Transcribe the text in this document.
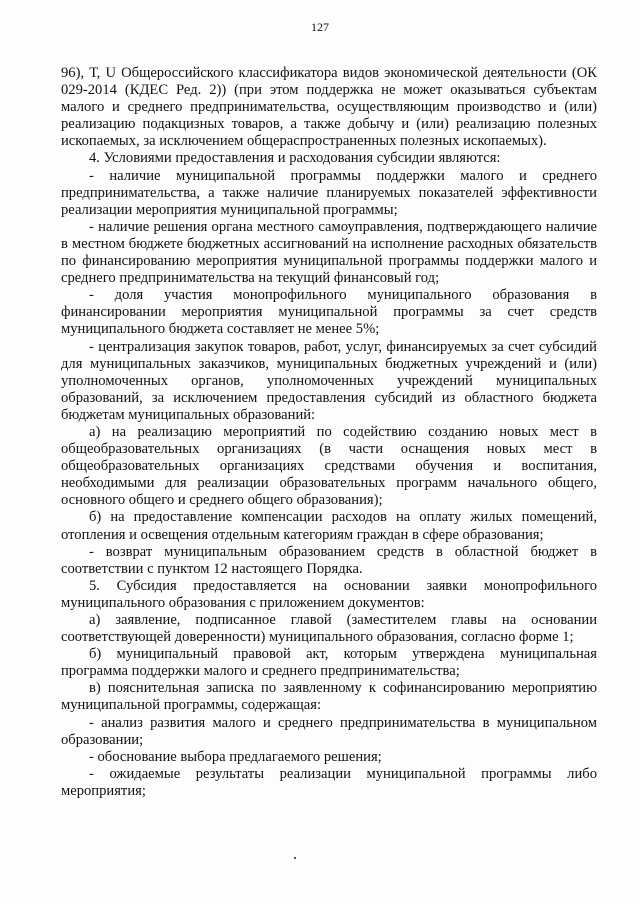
127

96), Т, U Общероссийского классификатора видов экономической деятельности (ОК 029-2014 (КДЕС Ред. 2)) (при этом поддержка не может оказываться субъектам малого и среднего предпринимательства, осуществляющим производство и (или) реализацию подакцизных товаров, а также добычу и (или) реализацию полезных ископаемых, за исключением общераспространенных полезных ископаемых).

4. Условиями предоставления и расходования субсидии являются:

- наличие муниципальной программы поддержки малого и среднего предпринимательства, а также наличие планируемых показателей эффективности реализации мероприятия муниципальной программы;

- наличие решения органа местного самоуправления, подтверждающего наличие в местном бюджете бюджетных ассигнований на исполнение расходных обязательств по финансированию мероприятия муниципальной программы поддержки малого и среднего предпринимательства на текущий финансовый год;

- доля участия монопрофильного муниципального образования в финансировании мероприятия муниципальной программы за счет средств муниципального бюджета составляет не менее 5%;

- централизация закупок товаров, работ, услуг, финансируемых за счет субсидий для муниципальных заказчиков, муниципальных бюджетных учреждений и (или) уполномоченных органов, уполномоченных учреждений муниципальных образований, за исключением предоставления субсидий из областного бюджета бюджетам муниципальных образований:

а) на реализацию мероприятий по содействию созданию новых мест в общеобразовательных организациях (в части оснащения новых мест в общеобразовательных организациях средствами обучения и воспитания, необходимыми для реализации образовательных программ начального общего, основного общего и среднего общего образования);

б) на предоставление компенсации расходов на оплату жилых помещений, отопления и освещения отдельным категориям граждан в сфере образования;

- возврат муниципальным образованием средств в областной бюджет в соответствии с пунктом 12 настоящего Порядка.

5. Субсидия предоставляется на основании заявки монопрофильного муниципального образования с приложением документов:

а) заявление, подписанное главой (заместителем главы на основании соответствующей доверенности) муниципального образования, согласно форме 1;

б) муниципальный правовой акт, которым утверждена муниципальная программа поддержки малого и среднего предпринимательства;

в) пояснительная записка по заявленному к софинансированию мероприятию муниципальной программы, содержащая:

- анализ развития малого и среднего предпринимательства в муниципальном образовании;

- обоснование выбора предлагаемого решения;

- ожидаемые результаты реализации муниципальной программы либо мероприятия;
